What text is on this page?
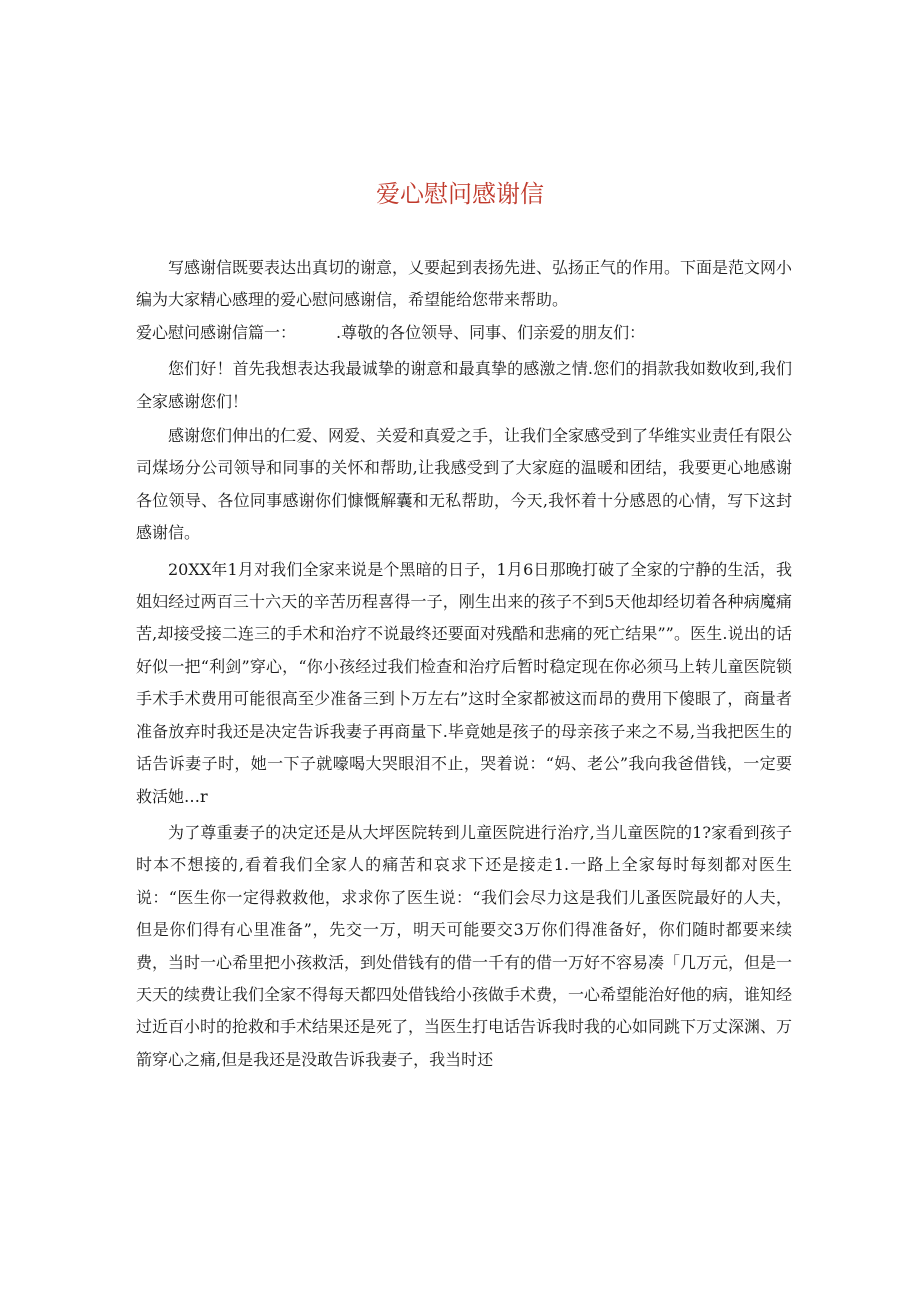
爱心慰问感谢信

写感谢信既要表达出真切的谢意，乂要起到表扬先进、弘扬正气的作用。下面是范文网小编为大家精心感理的爱心慰问感谢信，希望能给您带来帮助。

爱心慰问感谢信篇一：　　　.尊敬的各位领导、同事、们亲爱的朋友们：

您们好！首先我想表达我最诚挚的谢意和最真挚的感激之情.您们的捐款我如数收到,我们全家感谢您们！

感谢您们伸出的仁爱、网爱、关爱和真爱之手，让我们全家感受到了华维实业责任有限公司煤场分公司领导和同事的关怀和帮助,让我感受到了大家庭的温暖和团结，我要更心地感谢各位领导、各位同事感谢你们慷慨解囊和无私帮助，今天,我怀着十分感恩的心情，写下这封感谢信。

20XX年1月对我们全家来说是个黑暗的日子，1月6日那晚打破了全家的宁静的生活，我姐妇经过两百三十六天的辛苦历程喜得一子，刚生出来的孩子不到5天他却经切着各种病魔痛苦,却接受接二连三的手术和治疗不说最终还要面对残酷和悲痛的死亡结果””。医生.说出的话好似一把“利剑”穿心，“你小孩经过我们检查和治疗后暂时稳定现在你必须马上转儿童医院锁手术手术费用可能很高至少准备三到卜万左右”这时全家都被这而昂的费用下傻眼了，商量者准备放弃时我还是决定告诉我妻子再商量下.毕竟她是孩子的母亲孩子来之不易,当我把医生的话告诉妻子时，她一下子就嚎喝大哭眼泪不止，哭着说：“妈、老公”我向我爸借钱，一定要救活她…r

为了尊重妻子的决定还是从大坪医院转到儿童医院进行治疗,当儿童医院的1?家看到孩子时本不想接的,看着我们全家人的痛苦和哀求下还是接走1.一路上全家每时每刻都对医生说：“医生你一定得救救他，求求你了医生说：“我们会尽力这是我们儿蚤医院最好的人夫，但是你们得有心里准备”，先交一万，明天可能要交3万你们得准备好，你们随时都要来续费，当时一心希里把小孩救活，到处借钱有的借一千有的借一万好不容易凑「几万元，但是一天天的续费让我们全家不得每天都四处借钱给小孩做手术费，一心希望能治好他的病，谁知经过近百小时的抢救和手术结果还是死了，当医生打电话告诉我时我的心如同跳下万丈深渊、万箭穿心之痛,但是我还是没敢告诉我妻子，我当时还
